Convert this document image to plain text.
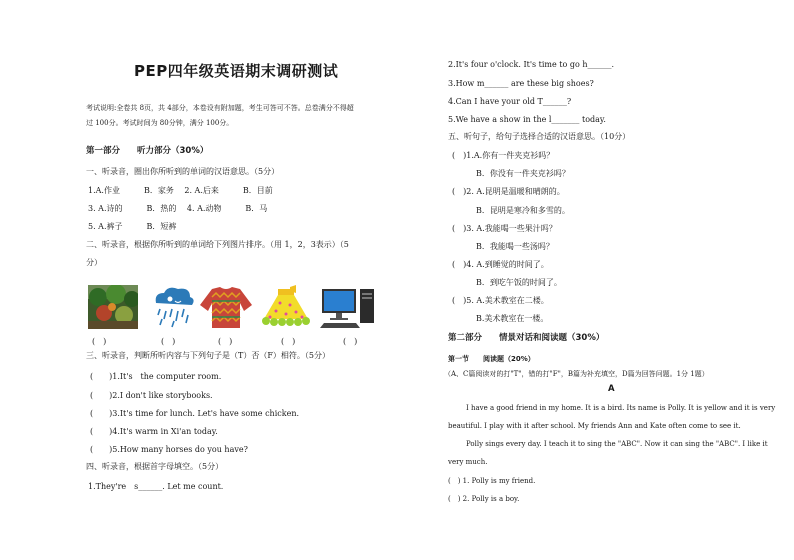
PEP四年级英语期末调研测试
考试说明:全卷共 8页，共 4部分，本卷设有附加题，考生可答可不答。总卷满分不得超
过 100分。考试时间为 80分钟，满分 100分。
第一部分　　听力部分（30%）
一、听录音，圈出你所听到的单词的汉语意思。（5分）
1.A.作业　　　B．家务　 2. A.后来　　　B．目前
3. A.诗的　　　B．热的　 4. A.动物　　　B．马
5. A.裤子　　　B．短裤
二、听录音，根据你所听到的单词给下列图片排序。（用 1，2，3表示）（5
分）
三、听录音，判断所听内容与下列句子是（T）否（F）相符。（5分）
(　　)1.It's　the computer room.
(　　)2.I don't like storybooks.
(　　)3.It's time for lunch. Let's have some chicken.
(　　)4.It's warm in Xi'an today.
(　　)5.How many horses do you have?
四、听录音，根据首字母填空。（5分）
1.They're　s______. Let me count.
(　)	(　)	(　)	(　)	(　)
2.It's four o'clock. It's time to go h______.
3.How m______ are these big shoes?
4.Can I have your old T______?
5.We have a show in the l_______ today.
五、听句子，给句子选择合适的汉语意思。（10分）
(　)1.A.你有一件夹克衫吗？
　　　B．你没有一件夹克衫吗？
(　)2. A.昆明是温暖和晴朗的。
　　　B．昆明是寒冷和多雪的。
(　)3. A.我能喝一些果汁吗？
　　　B．我能喝一些汤吗？
(　)4. A.到睡觉的时间了。
　　　B．到吃午饭的时间了。
(　)5. A.美术教室在二楼。
　　　B.美术教室在一楼。
第二部分　　情景对话和阅读题（30%）
第一节　　阅读题（20%）
（A、C篇阅读对的打"T"，错的打"F"，B篇为补充填空，D篇为回答问题。1分 1题）
A
I have a good friend in my home. It is a bird. Its name is Polly. It is yellow and it is very
beautiful. I play with it after school. My friends Ann and Kate often come to see it.
Polly sings every day. I teach it to sing the "ABC". Now it can sing the "ABC". I like it
very much.
(　) 1. Polly is my friend.
(　) 2. Polly is a boy.
